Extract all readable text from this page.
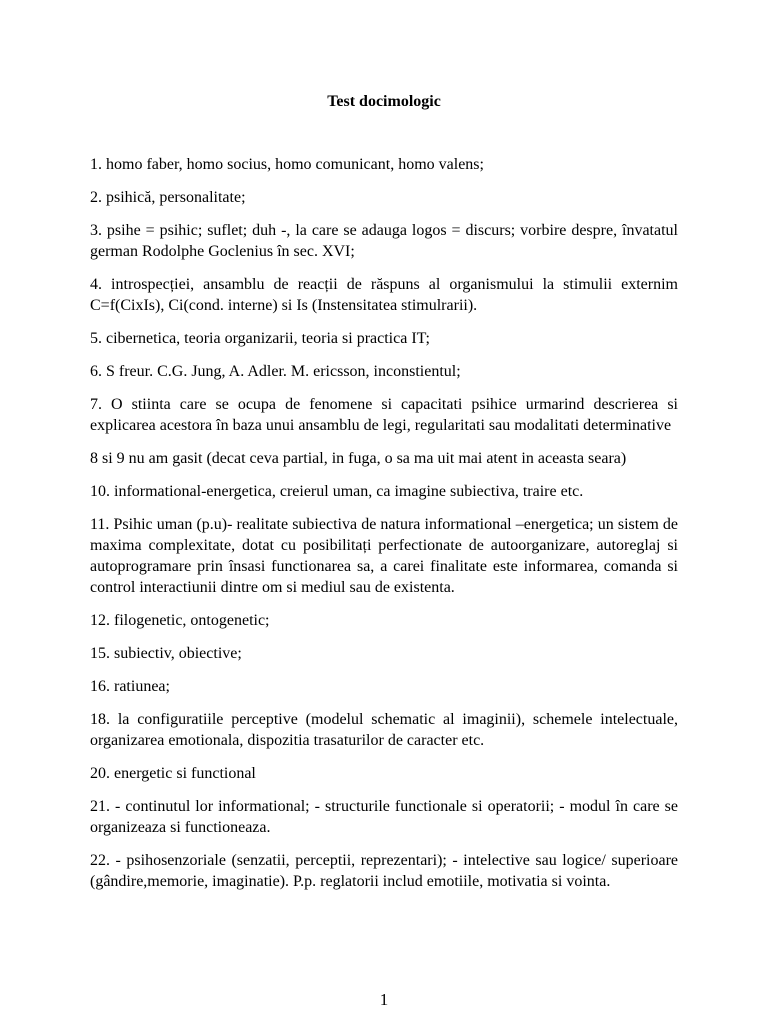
Test docimologic

1. homo faber, homo socius, homo comunicant, homo valens;

2. psihică, personalitate;

3. psihe = psihic; suflet; duh -, la care se adauga logos = discurs; vorbire despre, învatatul german Rodolphe Goclenius în sec. XVI;

4. introspecției, ansamblu de reacții de răspuns al organismului la stimulii externim C=f(CixIs), Ci(cond. interne) si Is (Instensitatea stimulrarii).

5. cibernetica, teoria organizarii, teoria si practica IT;

6. S freur. C.G. Jung, A. Adler. M. ericsson, inconstientul;

7. O stiinta care se ocupa de fenomene si capacitati psihice urmarind descrierea si explicarea acestora în baza unui ansamblu de legi, regularitati sau modalitati determinative

8 si 9 nu am gasit (decat ceva partial, in fuga, o sa ma uit mai atent in aceasta seara)

10. informational-energetica, creierul uman, ca imagine subiectiva, traire etc.

11. Psihic uman (p.u)- realitate subiectiva de natura informational –energetica; un sistem de maxima complexitate, dotat cu posibilitați perfectionate de autoorganizare, autoreglaj si autoprogramare prin însasi functionarea sa, a carei finalitate este informarea, comanda si control interactiunii dintre om si mediul sau de existenta.

12. filogenetic, ontogenetic;

15. subiectiv, obiective;

16. ratiunea;

18. la configuratiile perceptive (modelul schematic al imaginii), schemele intelectuale, organizarea emotionala, dispozitia trasaturilor de caracter etc.

20. energetic si functional

21. - continutul lor informational; - structurile functionale si operatorii; - modul în care se organizeaza si functioneaza.

22. - psihosenzoriale (senzatii, perceptii, reprezentari); - intelective sau logice/ superioare (gândire,memorie, imaginatie). P.p. reglatorii includ emotiile, motivatia si vointa.

1
